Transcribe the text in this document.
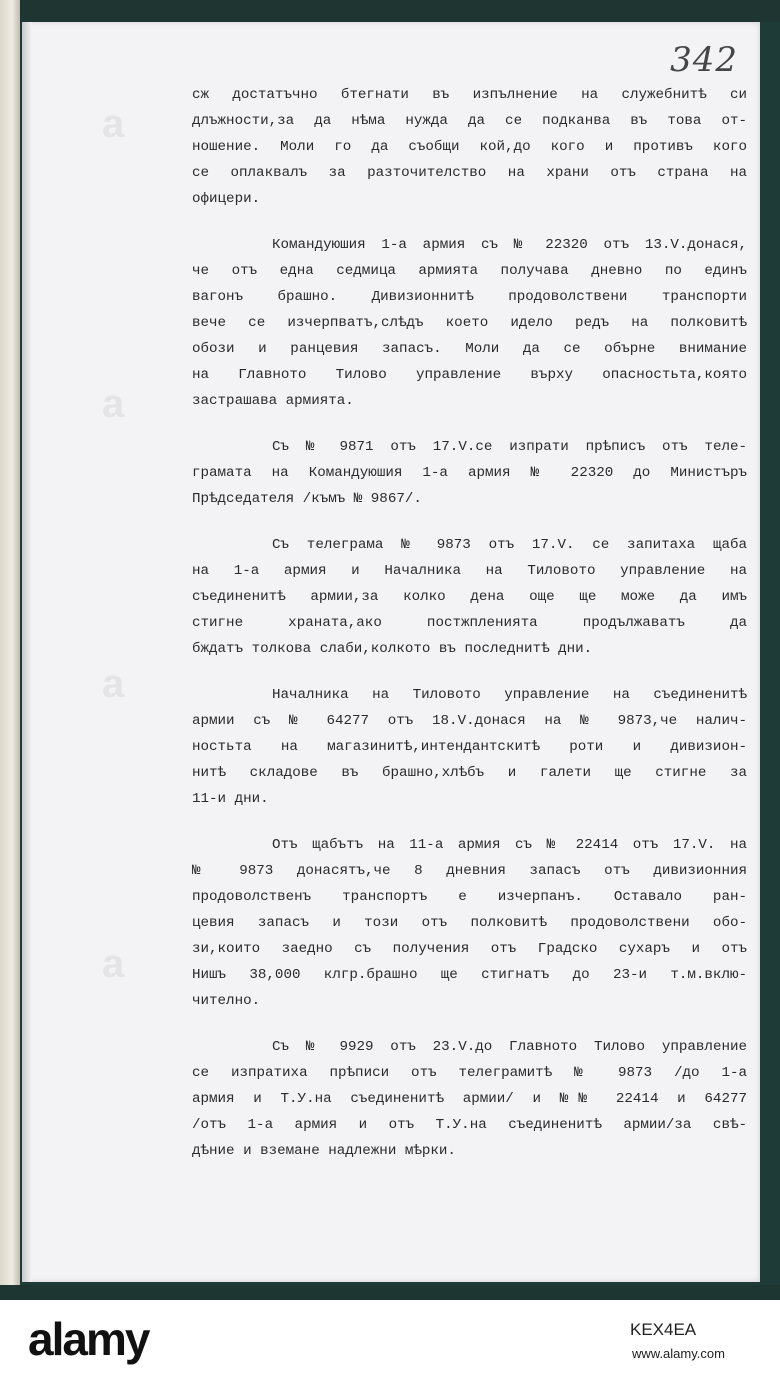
342
сж достатъчно бтегнати въ изпълнение на служебнитѣ си
длъжности,за да нѣма нужда да се подканва въ това от-
ношение. Моли го да съобщи кой,до кого и противъ кого
се оплаквалъ за разточителство на храни отъ страна на
офицери.
Командуюшия 1-а армия съ № 22320 отъ 13.V.донася,
че отъ една седмица армията получава дневно по единъ
вагонъ брашно. Дивизионнитѣ продоволствени транспорти
вече се изчерпватъ,слѣдъ което идело редъ на полковитѣ
обози и ранцевия запасъ. Моли да се обърне внимание
на Главното Тилово управление върху опасностьта,която
застрашава армията.
Съ № 9871 отъ 17.V.се изпрати прѣписъ отъ теле-
грамата на Командуюшия 1-а армия № 22320 до Министъръ
Прѣдседателя /къмъ № 9867/.
Съ телеграма № 9873 отъ 17.V. се запитаха щаба
на 1-а армия и Началника на Тиловото управление на
съединенитѣ армии,за колко дена още ще може да имъ
стигне храната,ако постжпленията продължаватъ да
бждатъ толкова слаби,колкото въ последнитѣ дни.
Началника на Тиловото управление на съединенитѣ
армии съ № 64277 отъ 18.V.донася на № 9873,че налич-
ностьта на магазинитѣ,интендантскитѣ роти и дивизион-
нитѣ складове въ брашно,хлѣбъ и галети ще стигне за
11-и дни.
Отъ щабътъ на 11-а армия съ № 22414 отъ 17.V. на
№ 9873 донасятъ,че 8 дневния запасъ отъ дивизионния
продоволственъ транспортъ е изчерпанъ. Оставало ран-
цевия запасъ и този отъ полковитѣ продоволствени обо-
зи,които заедно съ получения отъ Градско сухаръ и отъ
Нишъ 38,000 клгр.брашно ще стигнатъ до 23-и т.м.вклю-
чително.
Съ № 9929 отъ 23.V.до Главното Тилово управление
се изпратиха прѣписи отъ телеграмитѣ № 9873 /до 1-а
армия и Т.У.на съединенитѣ армии/ и №№ 22414 и 64277
/отъ 1-а армия и отъ Т.У.на съединенитѣ армии/за свѣ-
дѣние и вземане надлежни мѣрки.
a
a
a
a
alamy	KEX4EA
www.alamy.com
